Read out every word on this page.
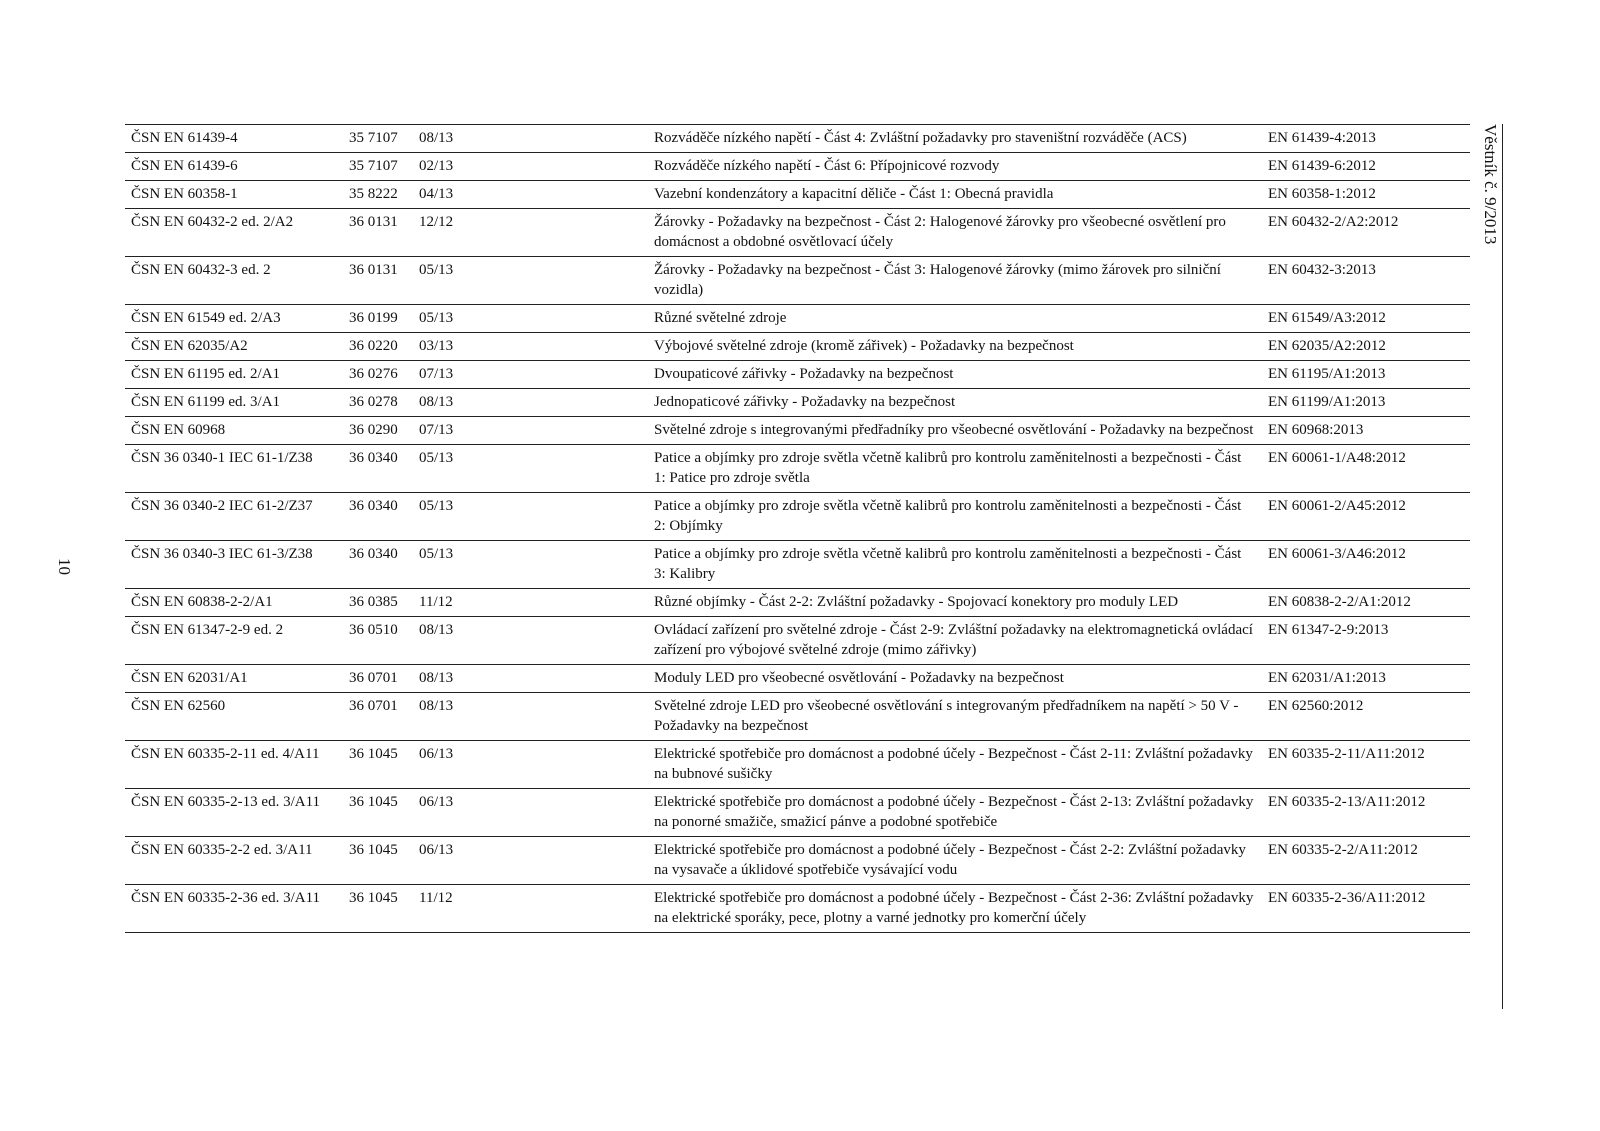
10
ČSN EN 61439-4	35 7107	08/13	Rozváděče nízkého napětí - Část 4: Zvláštní požadavky pro staveništní rozváděče (ACS)	EN 61439-4:2013
ČSN EN 61439-6	35 7107	02/13	Rozváděče nízkého napětí - Část 6: Přípojnicové rozvody	EN 61439-6:2012
ČSN EN 60358-1	35 8222	04/13	Vazební kondenzátory a kapacitní děliče - Část 1: Obecná pravidla	EN 60358-1:2012
ČSN EN 60432-2 ed. 2/A2	36 0131	12/12	Žárovky - Požadavky na bezpečnost - Část 2: Halogenové žárovky pro všeobecné osvětlení pro domácnost a obdobné osvětlovací účely	EN 60432-2/A2:2012
ČSN EN 60432-3 ed. 2	36 0131	05/13	Žárovky - Požadavky na bezpečnost - Část 3: Halogenové žárovky (mimo žárovek pro silniční vozidla)	EN 60432-3:2013
ČSN EN 61549 ed. 2/A3	36 0199	05/13	Různé světelné zdroje	EN 61549/A3:2012
ČSN EN 62035/A2	36 0220	03/13	Výbojové světelné zdroje (kromě zářivek) - Požadavky na bezpečnost	EN 62035/A2:2012
ČSN EN 61195 ed. 2/A1	36 0276	07/13	Dvoupaticové zářivky - Požadavky na bezpečnost	EN 61195/A1:2013
ČSN EN 61199 ed. 3/A1	36 0278	08/13	Jednopaticové zářivky - Požadavky na bezpečnost	EN 61199/A1:2013
ČSN EN 60968	36 0290	07/13	Světelné zdroje s integrovanými předřadníky pro všeobecné osvětlování - Požadavky na bezpečnost	EN 60968:2013
ČSN 36 0340-1 IEC 61-1/Z38	36 0340	05/13	Patice a objímky pro zdroje světla včetně kalibrů pro kontrolu zaměnitelnosti a bezpečnosti - Část 1: Patice pro zdroje světla	EN 60061-1/A48:2012
ČSN 36 0340-2 IEC 61-2/Z37	36 0340	05/13	Patice a objímky pro zdroje světla včetně kalibrů pro kontrolu zaměnitelnosti a bezpečnosti - Část 2: Objímky	EN 60061-2/A45:2012
ČSN 36 0340-3 IEC 61-3/Z38	36 0340	05/13	Patice a objímky pro zdroje světla včetně kalibrů pro kontrolu zaměnitelnosti a bezpečnosti - Část 3: Kalibry	EN 60061-3/A46:2012
ČSN EN 60838-2-2/A1	36 0385	11/12	Různé objímky - Část 2-2: Zvláštní požadavky - Spojovací konektory pro moduly LED	EN 60838-2-2/A1:2012
ČSN EN 61347-2-9 ed. 2	36 0510	08/13	Ovládací zařízení pro světelné zdroje - Část 2-9: Zvláštní požadavky na elektromagnetická ovládací zařízení pro výbojové světelné zdroje (mimo zářivky)	EN 61347-2-9:2013
ČSN EN 62031/A1	36 0701	08/13	Moduly LED pro všeobecné osvětlování - Požadavky na bezpečnost	EN 62031/A1:2013
ČSN EN 62560	36 0701	08/13	Světelné zdroje LED pro všeobecné osvětlování s integrovaným předřadníkem na napětí > 50 V - Požadavky na bezpečnost	EN 62560:2012
ČSN EN 60335-2-11 ed. 4/A11	36 1045	06/13	Elektrické spotřebiče pro domácnost a podobné účely - Bezpečnost - Část 2-11: Zvláštní požadavky na bubnové sušičky	EN 60335-2-11/A11:2012
ČSN EN 60335-2-13 ed. 3/A11	36 1045	06/13	Elektrické spotřebiče pro domácnost a podobné účely - Bezpečnost - Část 2-13: Zvláštní požadavky na ponorné smažiče, smažicí pánve a podobné spotřebiče	EN 60335-2-13/A11:2012
ČSN EN 60335-2-2 ed. 3/A11	36 1045	06/13	Elektrické spotřebiče pro domácnost a podobné účely - Bezpečnost - Část 2-2: Zvláštní požadavky na vysavače a úklidové spotřebiče vysávající vodu	EN 60335-2-2/A11:2012
ČSN EN 60335-2-36 ed. 3/A11	36 1045	11/12	Elektrické spotřebiče pro domácnost a podobné účely - Bezpečnost - Část 2-36: Zvláštní požadavky na elektrické sporáky, pece, plotny a varné jednotky pro komerční účely	EN 60335-2-36/A11:2012
Věstník č. 9/2013
